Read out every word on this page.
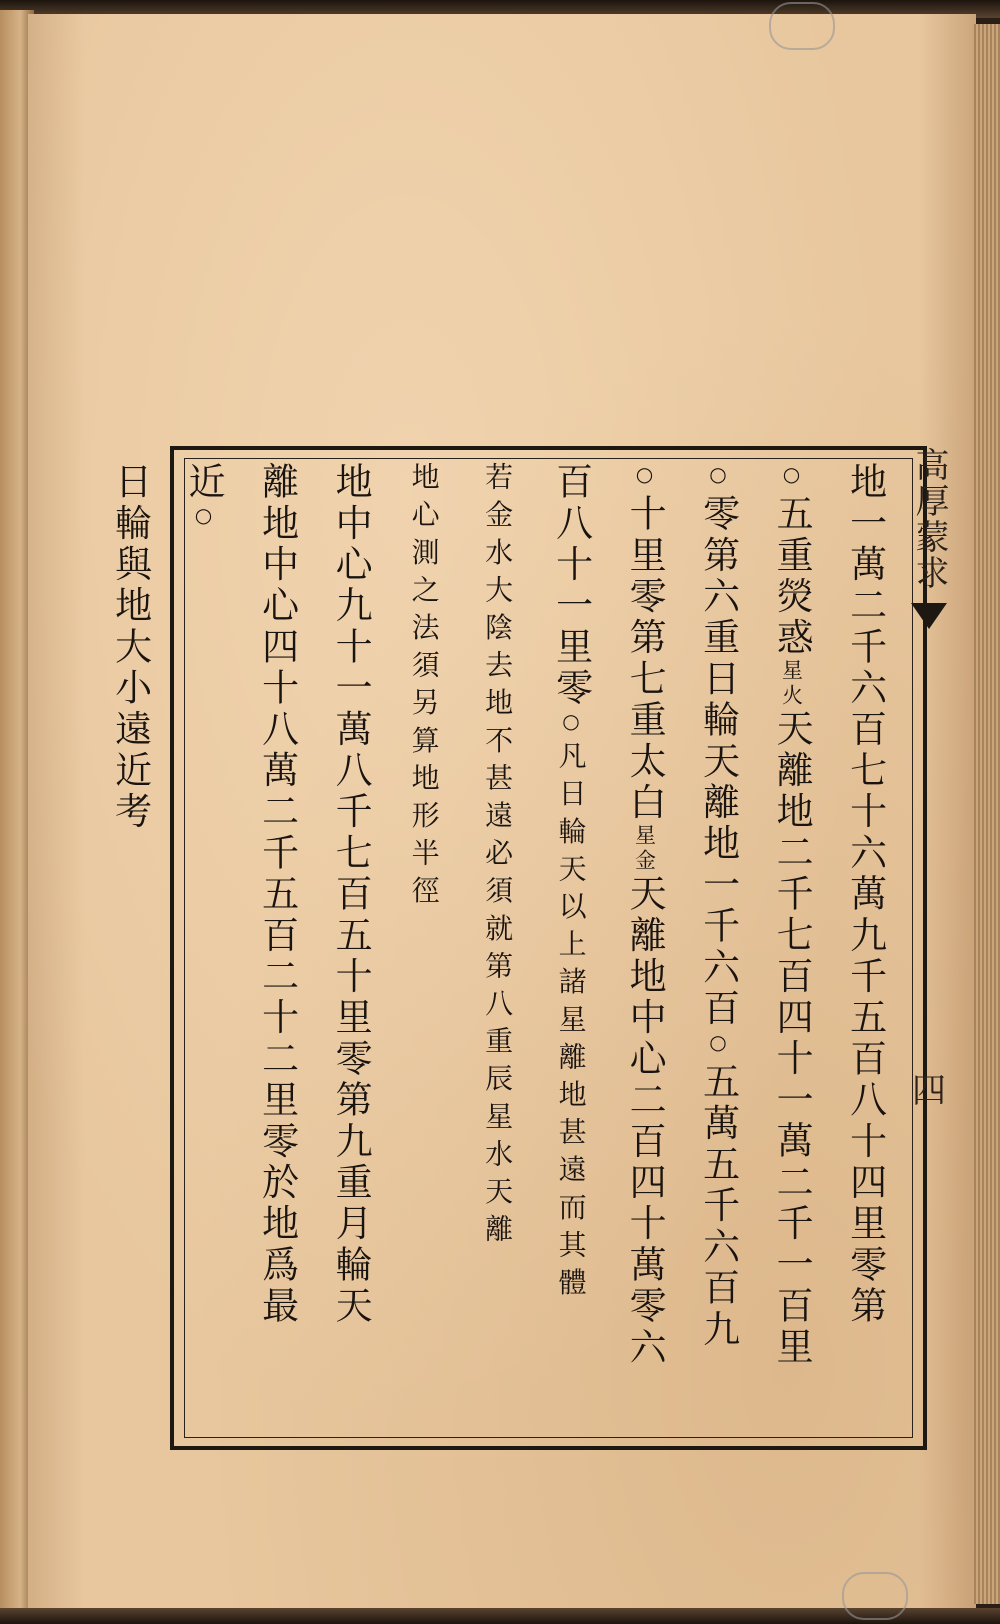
高厚蒙求
四
地一萬二千六百七十六萬九千五百八十四里零第
○
五重熒惑
星火
天離地二千七百四十一萬二千一百里
○
零第六重日輪天離地一千六百
○
五萬五千六百九
○
十里零第七重太白
星金
天離地中心二百四十萬零六
百八十一里零
○
凡日輪天以上諸星離地甚遠而其體
若金水大陰去地不甚遠必須就第八重辰星水天離
地心測之法須另算地形半徑
地中心九十一萬八千七百五十里零第九重月輪天
離地中心四十八萬二千五百二十二里零於地爲最
近
○
日輪與地大小遠近考
